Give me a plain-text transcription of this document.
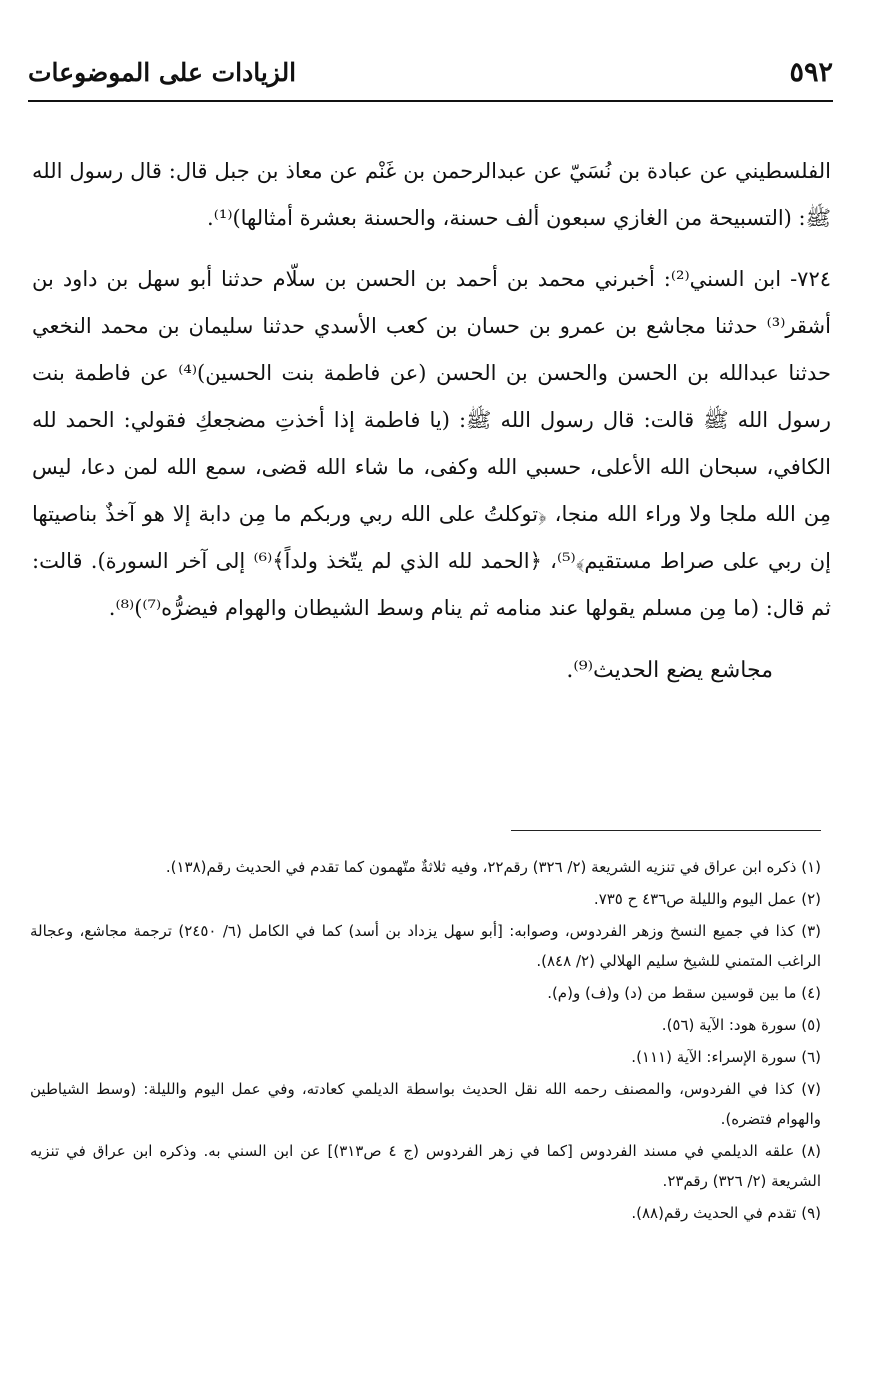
٥٩٢
الزيادات على الموضوعات

الفلسطيني عن عبادة بن نُسَيّ عن عبدالرحمن بن غَنْم عن معاذ بن جبل قال: قال رسول الله ﷺ: (التسبيحة من الغازي سبعون ألف حسنة، والحسنة بعشرة أمثالها)⁽¹⁾.

٧٢٤- ابن السني⁽²⁾: أخبرني محمد بن أحمد بن الحسن بن سلّام حدثنا أبو سهل بن داود بن أشقر⁽³⁾ حدثنا مجاشع بن عمرو بن حسان بن كعب الأسدي حدثنا سليمان بن محمد النخعي حدثنا عبدالله بن الحسن والحسن بن الحسن (عن فاطمة بنت الحسين)⁽⁴⁾ عن فاطمة بنت رسول الله ﷺ قالت: قال رسول الله ﷺ: (يا فاطمة إذا أخذتِ مضجعكِ فقولي: الحمد لله الكافي، سبحان الله الأعلى، حسبي الله وكفى، ما شاء الله قضى، سمع الله لمن دعا، ليس مِن الله ملجا ولا وراء الله منجا، ﴿توكلتُ على الله ربي وربكم ما مِن دابة إلا هو آخذٌ بناصيتها إن ربي على صراط مستقيم﴾⁽⁵⁾، ﴿الحمد لله الذي لم يتّخذ ولداً﴾⁽⁶⁾ إلى آخر السورة). قالت: ثم قال: (ما مِن مسلم يقولها عند منامه ثم ينام وسط الشيطان والهوام فيضرُّه⁽⁷⁾)⁽⁸⁾.

مجاشع يضع الحديث⁽⁹⁾.

(١) ذكره ابن عراق في تنزيه الشريعة (٢/ ٣٢٦) رقم٢٢، وفيه ثلاثةٌ متّهمون كما تقدم في الحديث رقم(١٣٨).

(٢) عمل اليوم والليلة ص٤٣٦ ح ٧٣٥.

(٣) كذا في جميع النسخ وزهر الفردوس، وصوابه: [أبو سهل يزداد بن أسد) كما في الكامل (٦/ ٢٤٥٠) ترجمة مجاشع، وعجالة الراغب المتمني للشيخ سليم الهلالي (٢/ ٨٤٨).

(٤) ما بين قوسين سقط من (د) و(ف) و(م).

(٥) سورة هود: الآية (٥٦).

(٦) سورة الإسراء: الآية (١١١).

(٧) كذا في الفردوس، والمصنف رحمه الله نقل الحديث بواسطة الديلمي كعادته، وفي عمل اليوم والليلة: (وسط الشياطين والهوام فتضره).

(٨) علقه الديلمي في مسند الفردوس [كما في زهر الفردوس (ج ٤ ص٣١٣)] عن ابن السني به. وذكره ابن عراق في تنزيه الشريعة (٢/ ٣٢٦) رقم٢٣.

(٩) تقدم في الحديث رقم(٨٨).
